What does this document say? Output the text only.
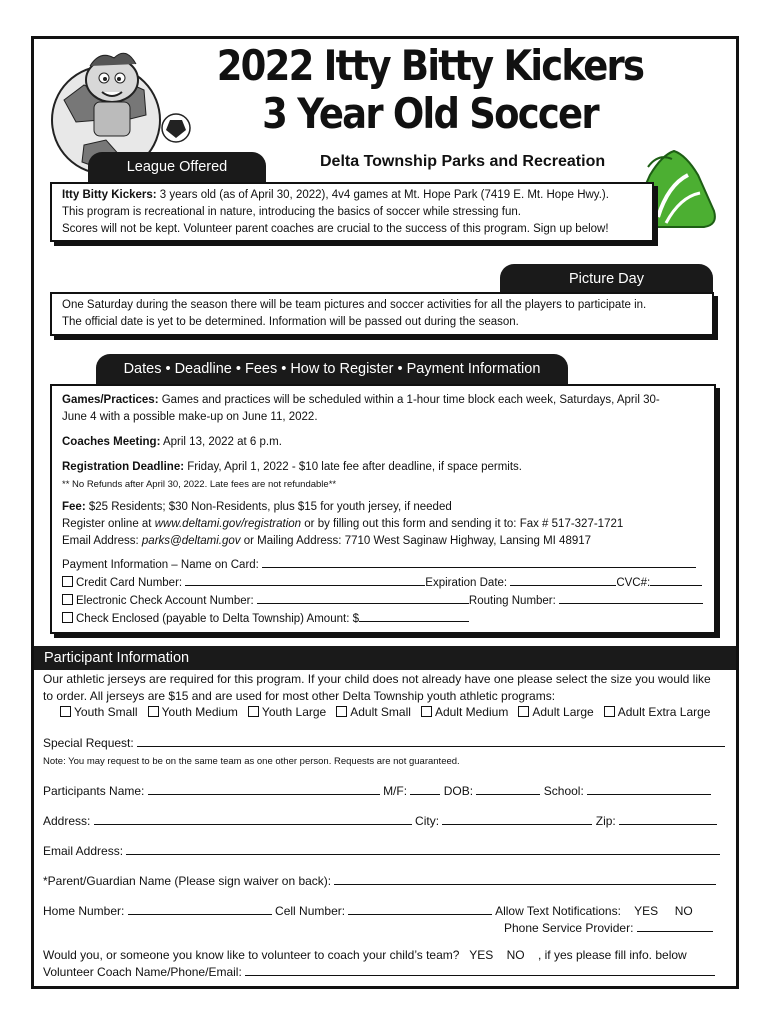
2022 Itty Bitty Kickers
3 Year Old Soccer
League Offered	Delta Township Parks and Recreation

Itty Bitty Kickers: 3 years old (as of April 30, 2022), 4v4 games at Mt. Hope Park (7419 E. Mt. Hope Hwy.).

This program is recreational in nature, introducing the basics of soccer while stressing fun.

Scores will not be kept. Volunteer parent coaches are crucial to the success of this program. Sign up below!

Picture Day

One Saturday during the season there will be team pictures and soccer activities for all the players to participate in.

The official date is yet to be determined. Information will be passed out during the season.

Dates • Deadline • Fees • How to Register • Payment Information

Games/Practices: Games and practices will be scheduled within a 1-hour time block each week, Saturdays, April 30-

June 4 with a possible make-up on June 11, 2022.

Coaches Meeting: April 13, 2022 at 6 p.m.

Registration Deadline: Friday, April 1, 2022 - $10 late fee after deadline, if space permits.

** No Refunds after April 30, 2022. Late fees are not refundable**

Fee: $25 Residents; $30 Non-Residents, plus $15 for youth jersey, if needed

Register online at www.deltami.gov/registration or by filling out this form and sending it to: Fax # 517-327-1721

Email Address: parks@deltami.gov or Mailing Address: 7710 West Saginaw Highway, Lansing MI 48917

Payment Information – Name on Card:

Credit Card Number:	Expiration Date:	CVC#:

Electronic Check Account Number:	Routing Number:

Check Enclosed (payable to Delta Township) Amount: $

Participant Information
Our athletic jerseys are required for this program. If your child does not already have one please select the size you would like
to order. All jerseys are $15 and are used for most other Delta Township youth athletic programs:
Youth Small Youth Medium Youth Large Adult Small Adult Medium Adult Large Adult Extra Large
Special Request:
Note: You may request to be on the same team as one other person. Requests are not guaranteed.
Participants Name:	M/F:	DOB:	School:
Address:	City:	Zip:
Email Address:
*Parent/Guardian Name (Please sign waiver on back):
Home Number:	Cell Number:	Allow Text Notifications: YES NO
Phone Service Provider:
Would you, or someone you know like to volunteer to coach your child’s team? YES NO , if yes please fill info. below
Volunteer Coach Name/Phone/Email:
